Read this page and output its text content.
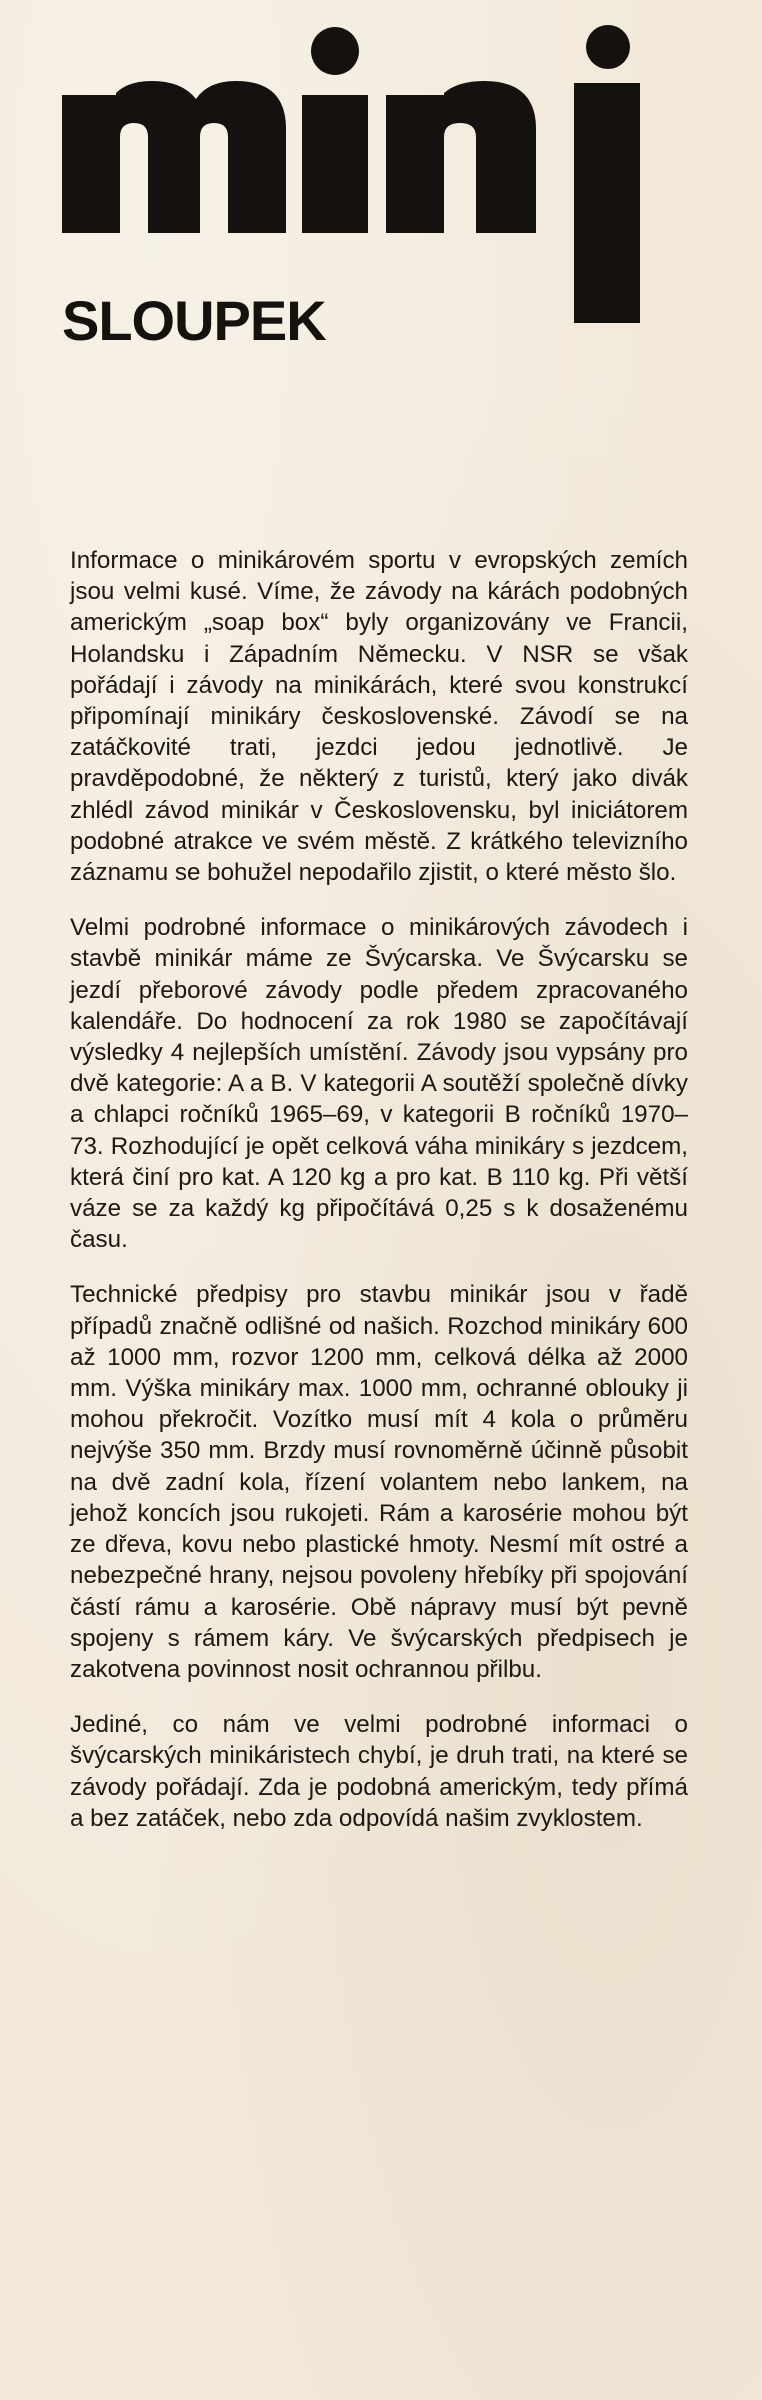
SLOUPEK

Informace o minikárovém sportu v evropských zemích jsou velmi kusé. Víme, že závody na kárách podobných americkým „soap box“ byly organizovány ve Francii, Holandsku i Západním Německu. V NSR se však pořádají i závody na minikárách, které svou konstrukcí připomínají minikáry československé. Závodí se na zatáčkovité trati, jezdci jedou jednotlivě. Je pravděpodobné, že některý z turistů, který jako divák zhlédl závod minikár v Československu, byl iniciátorem podobné atrakce ve svém městě. Z krátkého televizního záznamu se bohužel nepodařilo zjistit, o které město šlo.

Velmi podrobné informace o minikárových závodech i stavbě minikár máme ze Švýcarska. Ve Švýcarsku se jezdí přeborové závody podle předem zpracovaného kalendáře. Do hodnocení za rok 1980 se započítávají výsledky 4 nejlepších umístění. Závody jsou vypsány pro dvě kategorie: A a B. V kategorii A soutěží společně dívky a chlapci ročníků 1965–69, v kategorii B ročníků 1970–73. Rozhodující je opět celková váha minikáry s jezdcem, která činí pro kat. A 120 kg a pro kat. B 110 kg. Při větší váze se za každý kg připočítává 0,25 s k dosaženému času.

Technické předpisy pro stavbu minikár jsou v řadě případů značně odlišné od našich. Rozchod minikáry 600 až 1000 mm, rozvor 1200 mm, celková délka až 2000 mm. Výška minikáry max. 1000 mm, ochranné oblouky ji mohou překročit. Vozítko musí mít 4 kola o průměru nejvýše 350 mm. Brzdy musí rovnoměrně účinně působit na dvě zadní kola, řízení volantem nebo lankem, na jehož koncích jsou rukojeti. Rám a karosérie mohou být ze dřeva, kovu nebo plastické hmoty. Nesmí mít ostré a nebezpečné hrany, nejsou povoleny hřebíky při spojování částí rámu a karosérie. Obě nápravy musí být pevně spojeny s rámem káry. Ve švýcarských předpisech je zakotvena povinnost nosit ochrannou přilbu.

Jediné, co nám ve velmi podrobné informaci o švýcarských minikáristech chybí, je druh trati, na které se závody pořádají. Zda je podobná americkým, tedy přímá a bez zatáček, nebo zda odpovídá našim zvyklostem.
